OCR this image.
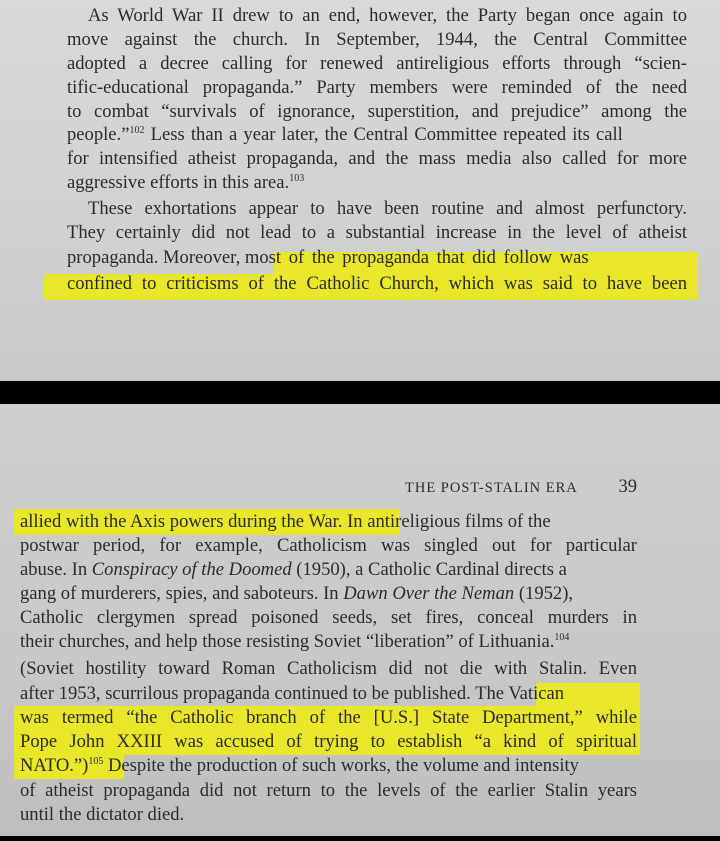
As World War II drew to an end, however, the Party began once again to
move against the church. In September, 1944, the Central Committee
adopted a decree calling for renewed antireligious efforts through “scien-
tific-educational propaganda.” Party members were reminded of the need
to combat “survivals of ignorance, superstition, and prejudice” among the
people.”$^{102}$ Less than a year later, the Central Committee repeated its call
for intensified atheist propaganda, and the mass media also called for more
aggressive efforts in this area.$^{103}$
These exhortations appear to have been routine and almost perfunctory.
They certainly did not lead to a substantial increase in the level of atheist
propaganda. Moreover, most of the propaganda that did follow was
confined to criticisms of the Catholic Church, which was said to have been
THE POST-STALIN ERA 39
allied with the Axis powers during the War. In antireligious films of the
postwar period, for example, Catholicism was singled out for particular
abuse. In Conspiracy of the Doomed (1950), a Catholic Cardinal directs a
gang of murderers, spies, and saboteurs. In Dawn Over the Neman (1952),
Catholic clergymen spread poisoned seeds, set fires, conceal murders in
their churches, and help those resisting Soviet “liberation” of Lithuania.$^{104}$
(Soviet hostility toward Roman Catholicism did not die with Stalin. Even
after 1953, scurrilous propaganda continued to be published. The Vatican
was termed “the Catholic branch of the [U.S.] State Department,” while
Pope John XXIII was accused of trying to establish “a kind of spiritual
NATO.”)$^{105}$ Despite the production of such works, the volume and intensity
of atheist propaganda did not return to the levels of the earlier Stalin years
until the dictator died.
